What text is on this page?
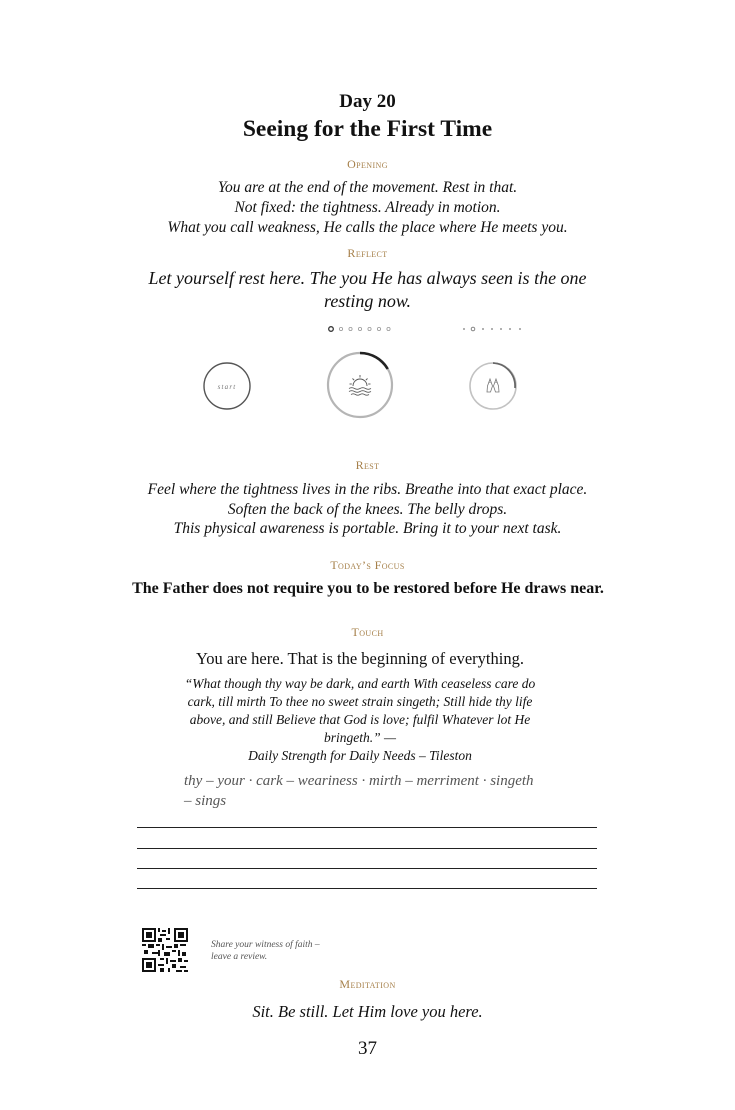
Day 20
Seeing for the First Time
Opening
You are at the end of the movement. Rest in that.
Not fixed: the tightness. Already in motion.
What you call weakness, He calls the place where He meets you.
Reflect
Let yourself rest here. The you He has always seen is the one resting now.
start
Rest
Feel where the tightness lives in the ribs. Breathe into that exact place.
Soften the back of the knees. The belly drops.
This physical awareness is portable. Bring it to your next task.
Today’s Focus
The Father does not require you to be restored before He draws near.
Touch
You are here. That is the beginning of everything.
“What though thy way be dark, and earth With ceaseless care do cark, till mirth To thee no sweet strain singeth; Still hide thy life above, and still Believe that God is love; fulfil Whatever lot He bringeth.” —
Daily Strength for Daily Needs – Tileston
thy – your · cark – weariness · mirth – merriment · singeth – sings
Share your witness of faith –
leave a review.
Meditation
Sit. Be still. Let Him love you here.
37
